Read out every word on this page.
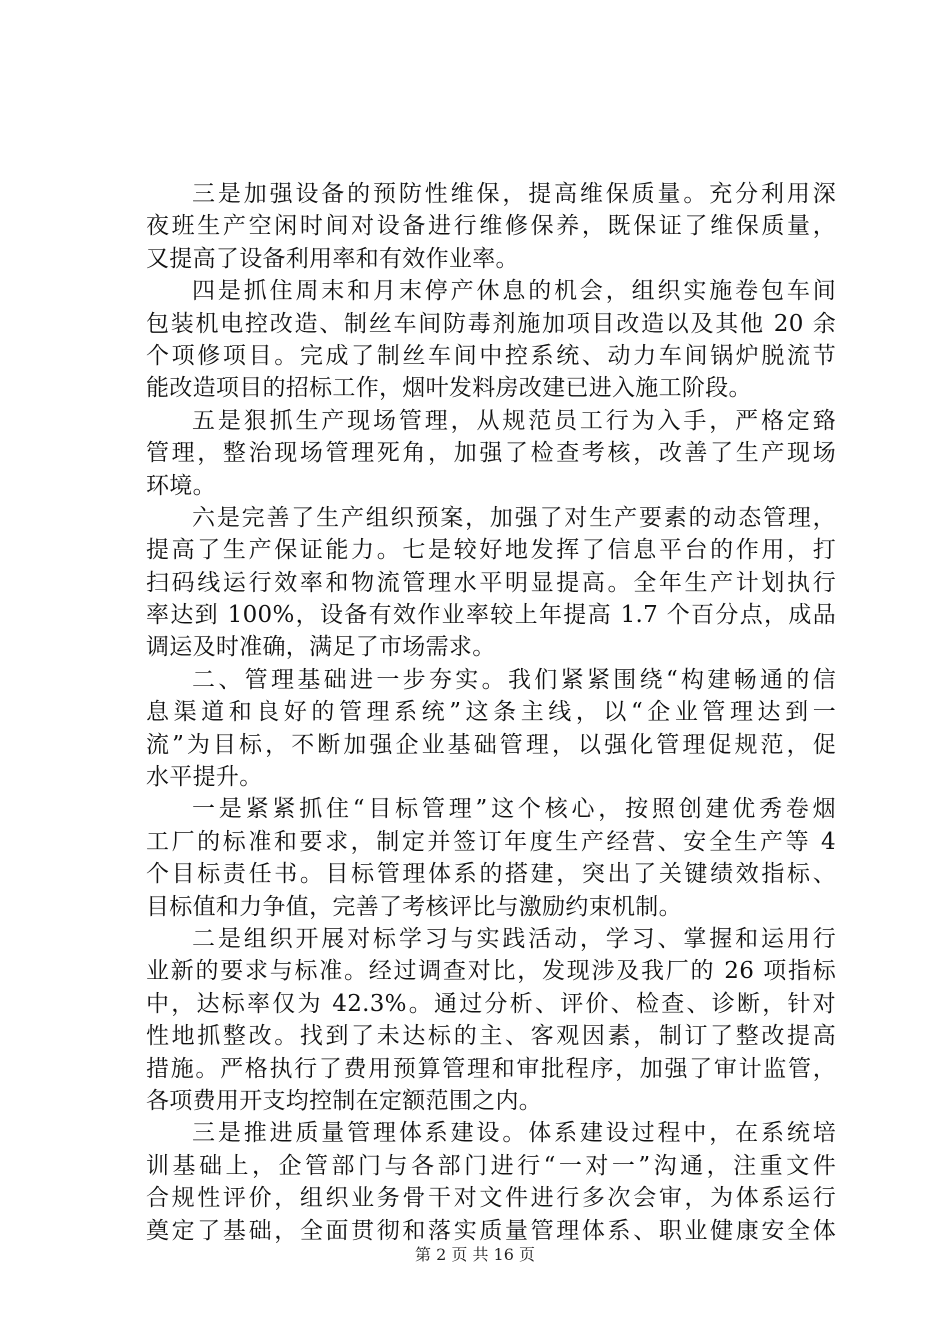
三是加强设备的预防性维保，提高维保质量。充分利用深
夜班生产空闲时间对设备进行维修保养，既保证了维保质量，
又提高了设备利用率和有效作业率。
四是抓住周末和月末停产休息的机会，组织实施卷包车间
包装机电控改造、制丝车间防毒剂施加项目改造以及其他 20 余
个项修项目。完成了制丝车间中控系统、动力车间锅炉脱流节
能改造项目的招标工作，烟叶发料房改建已进入施工阶段。
五是狠抓生产现场管理，从规范员工行为入手，严格定臵
管理，整治现场管理死角，加强了检查考核，改善了生产现场
环境。
六是完善了生产组织预案，加强了对生产要素的动态管理，
提高了生产保证能力。七是较好地发挥了信息平台的作用，打
扫码线运行效率和物流管理水平明显提高。全年生产计划执行
率达到 100%，设备有效作业率较上年提高 1.7 个百分点，成品
调运及时准确，满足了市场需求。
二、管理基础进一步夯实。我们紧紧围绕“构建畅通的信
息渠道和良好的管理系统”这条主线，以“企业管理达到一
流”为目标，不断加强企业基础管理，以强化管理促规范，促
水平提升。
一是紧紧抓住“目标管理”这个核心，按照创建优秀卷烟
工厂的标准和要求，制定并签订年度生产经营、安全生产等 4
个目标责任书。目标管理体系的搭建，突出了关键绩效指标、
目标值和力争值，完善了考核评比与激励约束机制。
二是组织开展对标学习与实践活动，学习、掌握和运用行
业新的要求与标准。经过调查对比，发现涉及我厂的 26 项指标
中，达标率仅为 42.3%。通过分析、评价、检查、诊断，针对
性地抓整改。找到了未达标的主、客观因素，制订了整改提高
措施。严格执行了费用预算管理和审批程序，加强了审计监管，
各项费用开支均控制在定额范围之内。
三是推进质量管理体系建设。体系建设过程中，在系统培
训基础上，企管部门与各部门进行“一对一”沟通，注重文件
合规性评价，组织业务骨干对文件进行多次会审，为体系运行
奠定了基础，全面贯彻和落实质量管理体系、职业健康安全体
第 2 页 共 16 页
